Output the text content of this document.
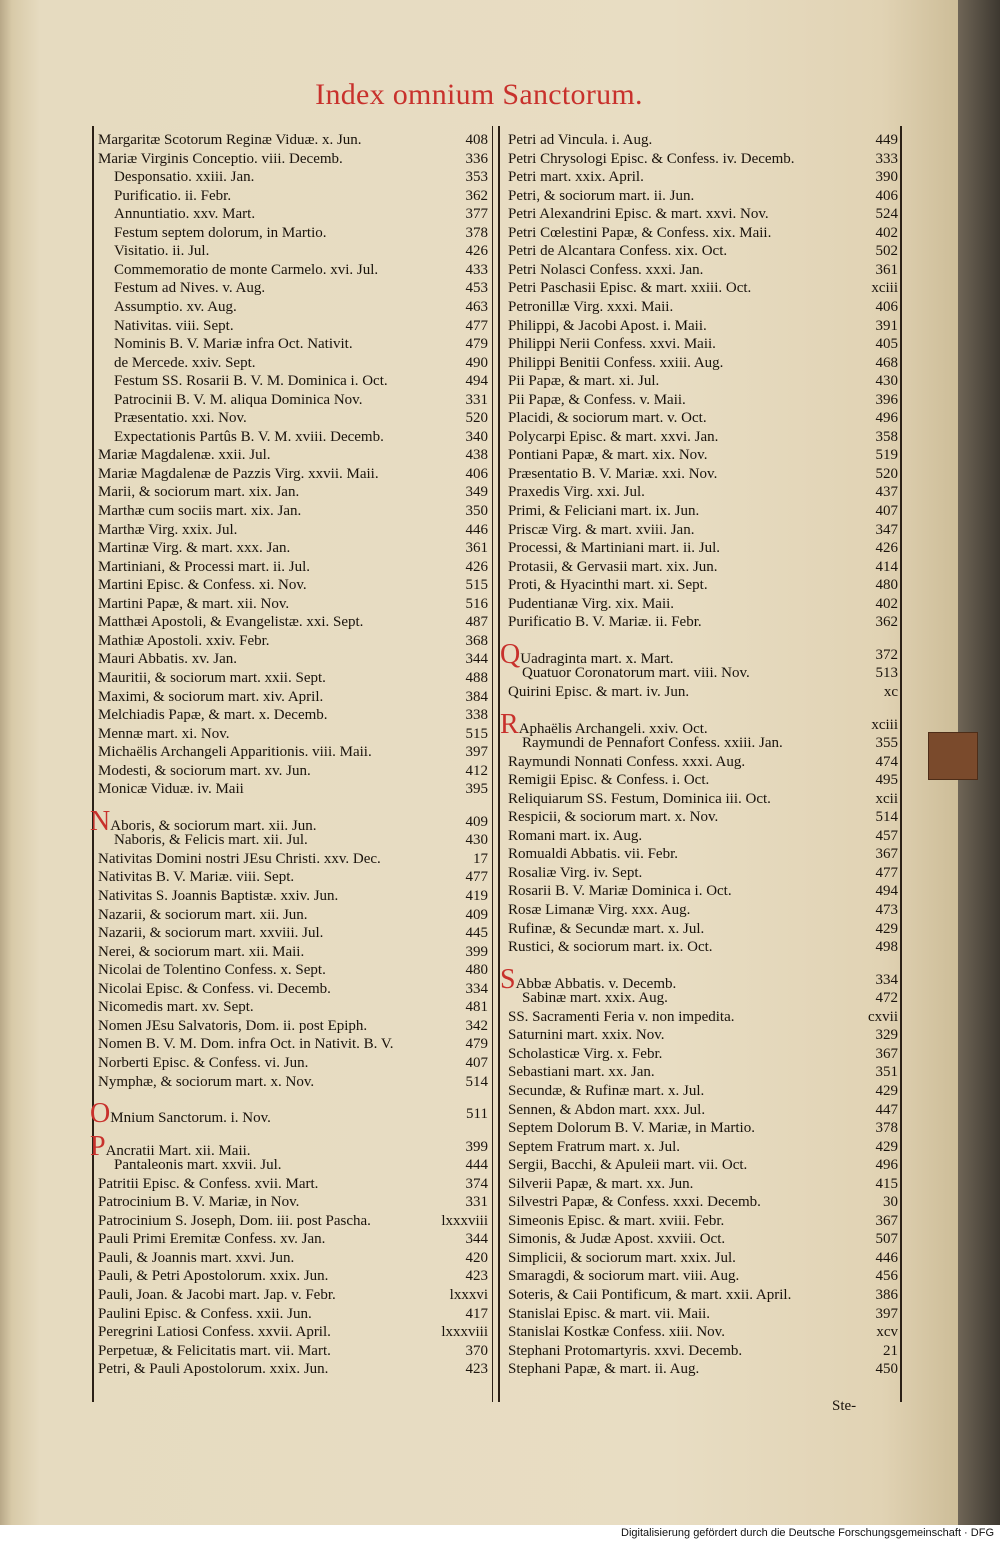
Index omnium Sanctorum.
Margaritæ Scotorum Reginæ Viduæ. x. Jun.	408
Mariæ Virginis Conceptio. viii. Decemb.	336
Desponsatio. xxiii. Jan.	353
Purificatio. ii. Febr.	362
Annuntiatio. xxv. Mart.	377
Festum septem dolorum, in Martio.	378
Visitatio. ii. Jul.	426
Commemoratio de monte Carmelo. xvi. Jul.	433
Festum ad Nives. v. Aug.	453
Assumptio. xv. Aug.	463
Nativitas. viii. Sept.	477
Nominis B. V. Mariæ infra Oct. Nativit.	479
de Mercede. xxiv. Sept.	490
Festum SS. Rosarii B. V. M. Dominica i. Oct.	494
Patrocinii B. V. M. aliqua Dominica Nov.	331
Præsentatio. xxi. Nov.	520
Expectationis Partûs B. V. M. xviii. Decemb.	340
Mariæ Magdalenæ. xxii. Jul.	438
Mariæ Magdalenæ de Pazzis Virg. xxvii. Maii.	406
Marii, & sociorum mart. xix. Jan.	349
Marthæ cum sociis mart. xix. Jan.	350
Marthæ Virg. xxix. Jul.	446
Martinæ Virg. & mart. xxx. Jan.	361
Martiniani, & Processi mart. ii. Jul.	426
Martini Episc. & Confess. xi. Nov.	515
Martini Papæ, & mart. xii. Nov.	516
Matthæi Apostoli, & Evangelistæ. xxi. Sept.	487
Mathiæ Apostoli. xxiv. Febr.	368
Mauri Abbatis. xv. Jan.	344
Mauritii, & sociorum mart. xxii. Sept.	488
Maximi, & sociorum mart. xiv. April.	384
Melchiadis Papæ, & mart. x. Decemb.	338
Mennæ mart. xi. Nov.	515
Michaëlis Archangeli Apparitionis. viii. Maii.	397
Modesti, & sociorum mart. xv. Jun.	412
Monicæ Viduæ. iv. Maii	395
NAboris, & sociorum mart. xii. Jun.	409
Naboris, & Felicis mart. xii. Jul.	430
Nativitas Domini nostri JEsu Christi. xxv. Dec.	17
Nativitas B. V. Mariæ. viii. Sept.	477
Nativitas S. Joannis Baptistæ. xxiv. Jun.	419
Nazarii, & sociorum mart. xii. Jun.	409
Nazarii, & sociorum mart. xxviii. Jul.	445
Nerei, & sociorum mart. xii. Maii.	399
Nicolai de Tolentino Confess. x. Sept.	480
Nicolai Episc. & Confess. vi. Decemb.	334
Nicomedis mart. xv. Sept.	481
Nomen JEsu Salvatoris, Dom. ii. post Epiph.	342
Nomen B. V. M. Dom. infra Oct. in Nativit. B. V.	479
Norberti Episc. & Confess. vi. Jun.	407
Nymphæ, & sociorum mart. x. Nov.	514
OMnium Sanctorum. i. Nov.	511
PAncratii Mart. xii. Maii.	399
Pantaleonis mart. xxvii. Jul.	444
Patritii Episc. & Confess. xvii. Mart.	374
Patrocinium B. V. Mariæ, in Nov.	331
Patrocinium S. Joseph, Dom. iii. post Pascha.	lxxxviii
Pauli Primi Eremitæ Confess. xv. Jan.	344
Pauli, & Joannis mart. xxvi. Jun.	420
Pauli, & Petri Apostolorum. xxix. Jun.	423
Pauli, Joan. & Jacobi mart. Jap. v. Febr.	lxxxvi
Paulini Episc. & Confess. xxii. Jun.	417
Peregrini Latiosi Confess. xxvii. April.	lxxxviii
Perpetuæ, & Felicitatis mart. vii. Mart.	370
Petri, & Pauli Apostolorum. xxix. Jun.	423
Petri ad Vincula. i. Aug.	449
Petri Chrysologi Episc. & Confess. iv. Decemb.	333
Petri mart. xxix. April.	390
Petri, & sociorum mart. ii. Jun.	406
Petri Alexandrini Episc. & mart. xxvi. Nov.	524
Petri Cœlestini Papæ, & Confess. xix. Maii.	402
Petri de Alcantara Confess. xix. Oct.	502
Petri Nolasci Confess. xxxi. Jan.	361
Petri Paschasii Episc. & mart. xxiii. Oct.	xciii
Petronillæ Virg. xxxi. Maii.	406
Philippi, & Jacobi Apost. i. Maii.	391
Philippi Nerii Confess. xxvi. Maii.	405
Philippi Benitii Confess. xxiii. Aug.	468
Pii Papæ, & mart. xi. Jul.	430
Pii Papæ, & Confess. v. Maii.	396
Placidi, & sociorum mart. v. Oct.	496
Polycarpi Episc. & mart. xxvi. Jan.	358
Pontiani Papæ, & mart. xix. Nov.	519
Præsentatio B. V. Mariæ. xxi. Nov.	520
Praxedis Virg. xxi. Jul.	437
Primi, & Feliciani mart. ix. Jun.	407
Priscæ Virg. & mart. xviii. Jan.	347
Processi, & Martiniani mart. ii. Jul.	426
Protasii, & Gervasii mart. xix. Jun.	414
Proti, & Hyacinthi mart. xi. Sept.	480
Pudentianæ Virg. xix. Maii.	402
Purificatio B. V. Mariæ. ii. Febr.	362
QUadraginta mart. x. Mart.	372
Quatuor Coronatorum mart. viii. Nov.	513
Quirini Episc. & mart. iv. Jun.	xc
RAphaëlis Archangeli. xxiv. Oct.	xciii
Raymundi de Pennafort Confess. xxiii. Jan.	355
Raymundi Nonnati Confess. xxxi. Aug.	474
Remigii Episc. & Confess. i. Oct.	495
Reliquiarum SS. Festum, Dominica iii. Oct.	xcii
Respicii, & sociorum mart. x. Nov.	514
Romani mart. ix. Aug.	457
Romualdi Abbatis. vii. Febr.	367
Rosaliæ Virg. iv. Sept.	477
Rosarii B. V. Mariæ Dominica i. Oct.	494
Rosæ Limanæ Virg. xxx. Aug.	473
Rufinæ, & Secundæ mart. x. Jul.	429
Rustici, & sociorum mart. ix. Oct.	498
SAbbæ Abbatis. v. Decemb.	334
Sabinæ mart. xxix. Aug.	472
SS. Sacramenti Feria v. non impedita.	cxvii
Saturnini mart. xxix. Nov.	329
Scholasticæ Virg. x. Febr.	367
Sebastiani mart. xx. Jan.	351
Secundæ, & Rufinæ mart. x. Jul.	429
Sennen, & Abdon mart. xxx. Jul.	447
Septem Dolorum B. V. Mariæ, in Martio.	378
Septem Fratrum mart. x. Jul.	429
Sergii, Bacchi, & Apuleii mart. vii. Oct.	496
Silverii Papæ, & mart. xx. Jun.	415
Silvestri Papæ, & Confess. xxxi. Decemb.	30
Simeonis Episc. & mart. xviii. Febr.	367
Simonis, & Judæ Apost. xxviii. Oct.	507
Simplicii, & sociorum mart. xxix. Jul.	446
Smaragdi, & sociorum mart. viii. Aug.	456
Soteris, & Caii Pontificum, & mart. xxii. April.	386
Stanislai Episc. & mart. vii. Maii.	397
Stanislai Kostkæ Confess. xiii. Nov.	xcv
Stephani Protomartyris. xxvi. Decemb.	21
Stephani Papæ, & mart. ii. Aug.	450
Ste-
Digitalisierung gefördert durch die Deutsche Forschungsgemeinschaft · DFG
